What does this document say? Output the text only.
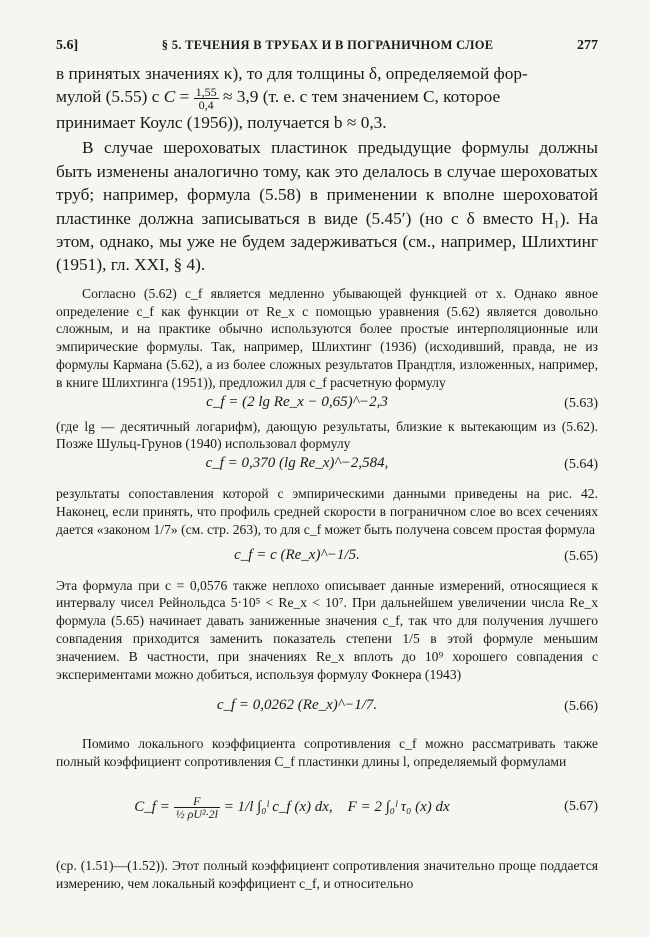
5.6]	§ 5. ТЕЧЕНИЯ В ТРУБАХ И В ПОГРАНИЧНОМ СЛОЕ	277

в принятых значениях κ), то для толщины δ, определяемой фор-
мулой (5.55) с $C = \frac{1,55}{0,4} \approx 3,9$ (т. е. с тем значением C, которое
принимает Коулс (1956)), получается b ≈ 0,3.

В случае шероховатых пластинок предыдущие формулы должны быть изменены аналогично тому, как это делалось в случае шероховатых труб; например, формула (5.58) в применении к вполне шероховатой пластинке должна записываться в виде (5.45′) (но с δ вместо H₁). На этом, однако, мы уже не будем задерживаться (см., например, Шлихтинг (1951), гл. XXI, § 4).

Согласно (5.62) c_f является медленно убывающей функцией от x. Однако явное определение c_f как функции от Re_x с помощью уравнения (5.62) является довольно сложным, и на практике обычно используются более простые интерполяционные или эмпирические формулы. Так, например, Шлихтинг (1936) (исходивший, правда, не из формулы Кармана (5.62), а из более сложных результатов Прандтля, изложенных, например, в книге Шлихтинга (1951)), предложил для c_f расчетную формулу

c_f = (2 lg Re_x − 0,65)^−2,3	(5.63)

(где lg — десятичный логарифм), дающую результаты, близкие к вытекающим из (5.62). Позже Шульц-Грунов (1940) использовал формулу

c_f = 0,370 (lg Re_x)^−2,584,	(5.64)

результаты сопоставления которой с эмпирическими данными приведены на рис. 42. Наконец, если принять, что профиль средней скорости в пограничном слое во всех сечениях дается «законом 1/7» (см. стр. 263), то для c_f может быть получена совсем простая формула

c_f = c (Re_x)^−1/5.	(5.65)

Эта формула при c = 0,0576 также неплохо описывает данные измерений, относящиеся к интервалу чисел Рейнольдса 5·10⁵ < Re_x < 10⁷. При дальнейшем увеличении числа Re_x формула (5.65) начинает давать заниженные значения c_f, так что для получения лучшего совпадения приходится заменить показатель степени 1/5 в этой формуле меньшим значением. В частности, при значениях Re_x вплоть до 10⁹ хорошего совпадения с экспериментами можно добиться, используя формулу Фокнера (1943)

c_f = 0,0262 (Re_x)^−1/7.	(5.66)

Помимо локального коэффициента сопротивления c_f можно рассматривать также полный коэффициент сопротивления C_f пластинки длины l, определяемый формулами

C_f = $\frac{F}{\text{½ ρU²·2l}} = 1/l$ ∫₀ˡ c_f (x) dx, F = 2 ∫₀ˡ τ₀ (x) dx	(5.67)

(ср. (1.51)—(1.52)). Этот полный коэффициент сопротивления значительно проще поддается измерению, чем локальный коэффициент c_f, и относительно
